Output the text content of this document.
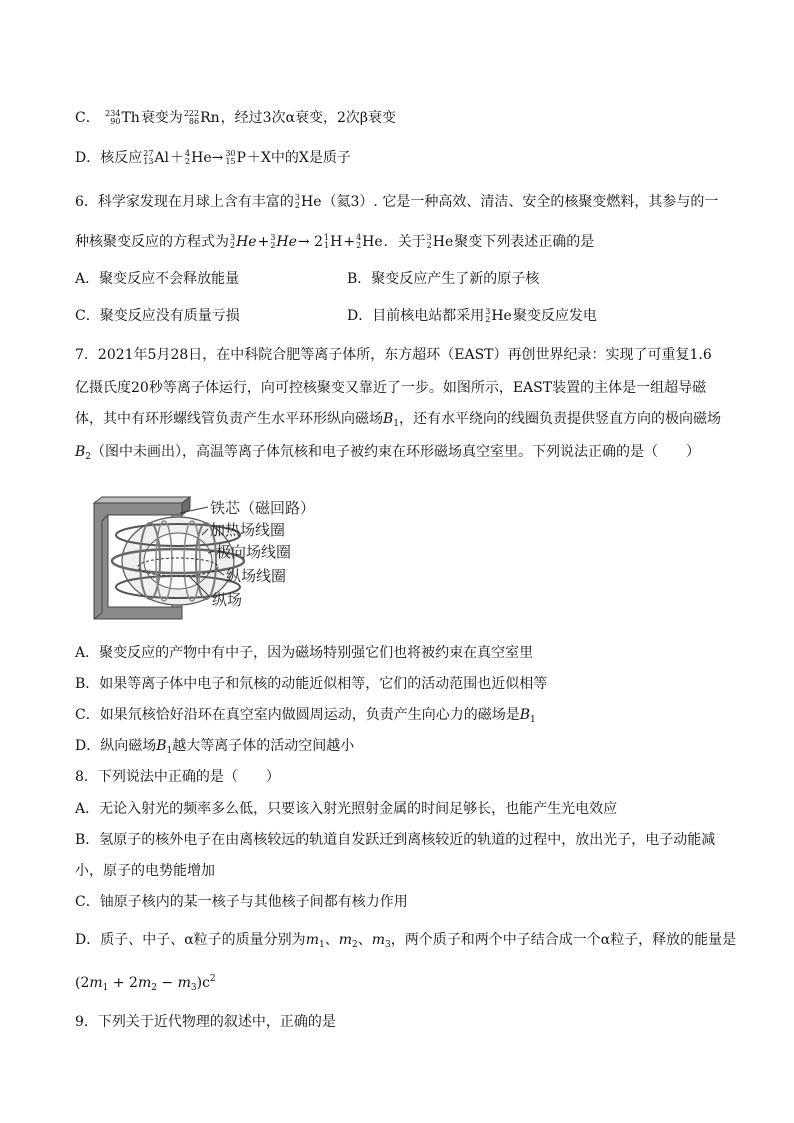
C． 234
90 Th 衰变为 222
86 Rn ，经过3次α衰变，2次β衰变
D．核反应 27
13 Al ＋ 4
2 He→ 30
15 P ＋X中的X是质子
6．科学家发现在月球上含有丰富的 3
2 He （氦3）. 它是一种高效、清洁、安全的核聚变燃料，其参与的一
种核聚变反应的方程式为 3
2 He + 3
2 He → 2 1
1 H + 4
2 He ．关于 3
2 He 聚变下列表述正确的是
A．聚变反应不会释放能量	B．聚变反应产生了新的原子核
C．聚变反应没有质量亏损	D．目前核电站都采用 3
2 He 聚变反应发电
7．2021年5月28日，在中科院合肥等离子体所，东方超环（EAST）再创世界纪录：实现了可重复1.6
亿摄氏度20秒等离子体运行，向可控核聚变又靠近了一步。如图所示，EAST装置的主体是一组超导磁
体，其中有环形螺线管负责产生水平环形纵向磁场$B_1$，还有水平绕向的线圈负责提供竖直方向的极向磁场
$B_2$（图中未画出），高温等离子体氘核和电子被约束在环形磁场真空室里。下列说法正确的是（　　）
铁芯（磁回路）
加热场线圈
极向场线圈
纵场线圈
纵场
A．聚变反应的产物中有中子，因为磁场特别强它们也将被约束在真空室里
B．如果等离子体中电子和氘核的动能近似相等，它们的活动范围也近似相等
C．如果氘核恰好沿环在真空室内做圆周运动，负责产生向心力的磁场是$B_1$
D．纵向磁场$B_1$越大等离子体的活动空间越小
8．下列说法中正确的是（　　）
A．无论入射光的频率多么低，只要该入射光照射金属的时间足够长，也能产生光电效应
B．氢原子的核外电子在由离核较远的轨道自发跃迁到离核较近的轨道的过程中，放出光子，电子动能减
小，原子的电势能增加
C．铀原子核内的某一核子与其他核子间都有核力作用
D．质子、中子、α粒子的质量分别为$m_1$、$m_2$、$m_3$，两个质子和两个中子结合成一个α粒子，释放的能量是
$(2m_1 + 2m_2 - m_3)c^2$
9．下列关于近代物理的叙述中，正确的是
